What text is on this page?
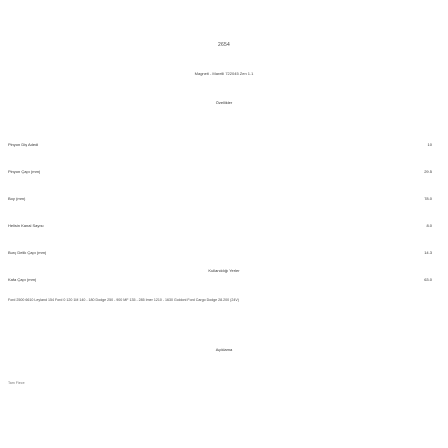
2654
Magneti - Marelli 722045 Zen 1.1
Özellikler
Pinyon Diş Adedi	10
Pinyon Çapı (mm)	29.5
Boy (mm)	78.0
Helisin Kanal Sayısı	8.0
Burç Delik Çapı (mm)	14.3
Kafa Çapı (mm)	63.0
Kullanıldığı Yerler
Ford 2500 6610 Leyland 154 Ford 0 120 1M 140 - 180 Dodge 250 - 900 MF 135 - 285 Imer 1210 - 1630 Goldoni Ford Cargo Dodge 28.200 (24V)
Açıklama
Tam Fiece
